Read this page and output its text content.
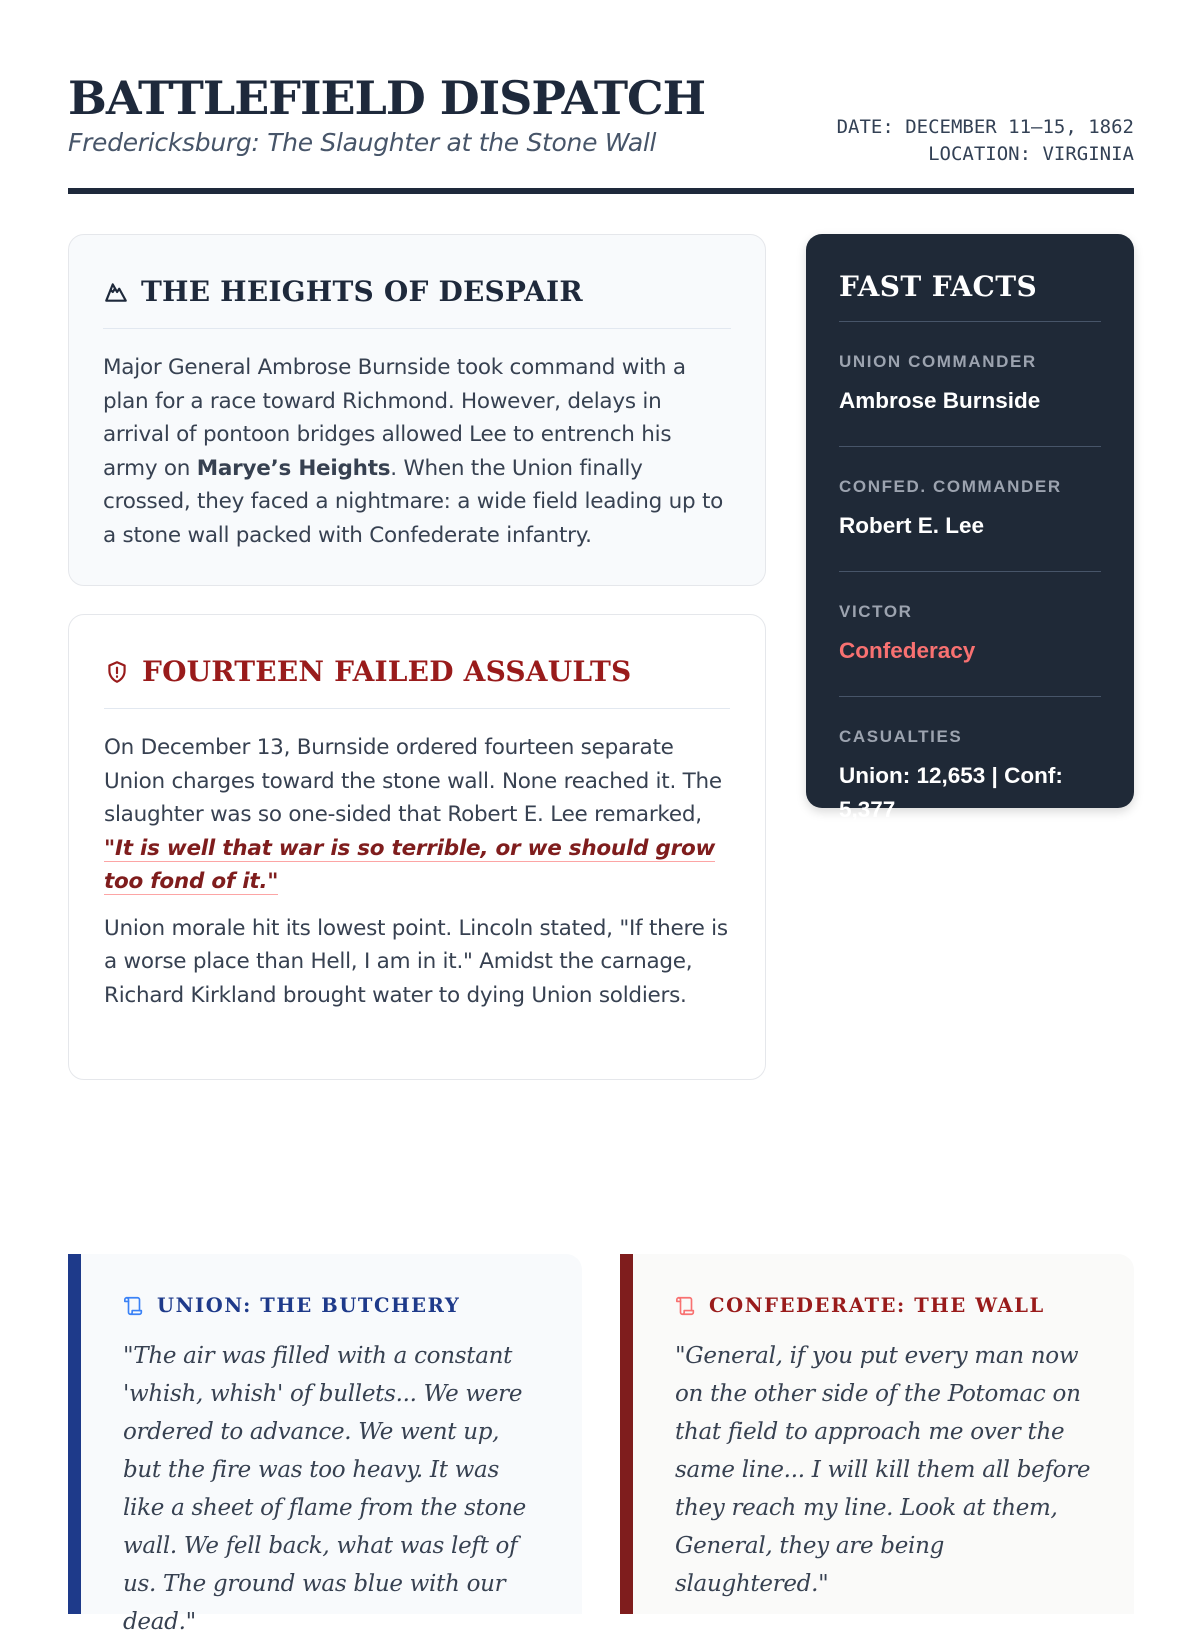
BATTLEFIELD DISPATCH
Fredericksburg: The Slaughter at the Stone Wall
DATE: DECEMBER 11–15, 1862
LOCATION: VIRGINIA
THE HEIGHTS OF DESPAIR

Major General Ambrose Burnside took command with a plan for a race toward Richmond. However, delays in arrival of pontoon bridges allowed Lee to entrench his army on Marye’s Heights. When the Union finally crossed, they faced a nightmare: a wide field leading up to a stone wall packed with Confederate infantry.

FOURTEEN FAILED ASSAULTS

On December 13, Burnside ordered fourteen separate Union charges toward the stone wall. None reached it. The slaughter was so one-sided that Robert E. Lee remarked, "It is well that war is so terrible, or we should grow too fond of it."

Union morale hit its lowest point. Lincoln stated, "If there is a worse place than Hell, I am in it." Amidst the carnage, Richard Kirkland brought water to dying Union soldiers.

FAST FACTS
UNION COMMANDER
Ambrose Burnside
CONFED. COMMANDER
Robert E. Lee
VICTOR
Confederacy
CASUALTIES
Union: 12,653 | Conf: 5,377
UNION: THE BUTCHERY
"The air was filled with a constant 'whish, whish' of bullets... We were ordered to advance. We went up, but the fire was too heavy. It was like a sheet of flame from the stone wall. We fell back, what was left of us. The ground was blue with our dead."
CONFEDERATE: THE WALL
"General, if you put every man now on the other side of the Potomac on that field to approach me over the same line... I will kill them all before they reach my line. Look at them, General, they are being slaughtered."
